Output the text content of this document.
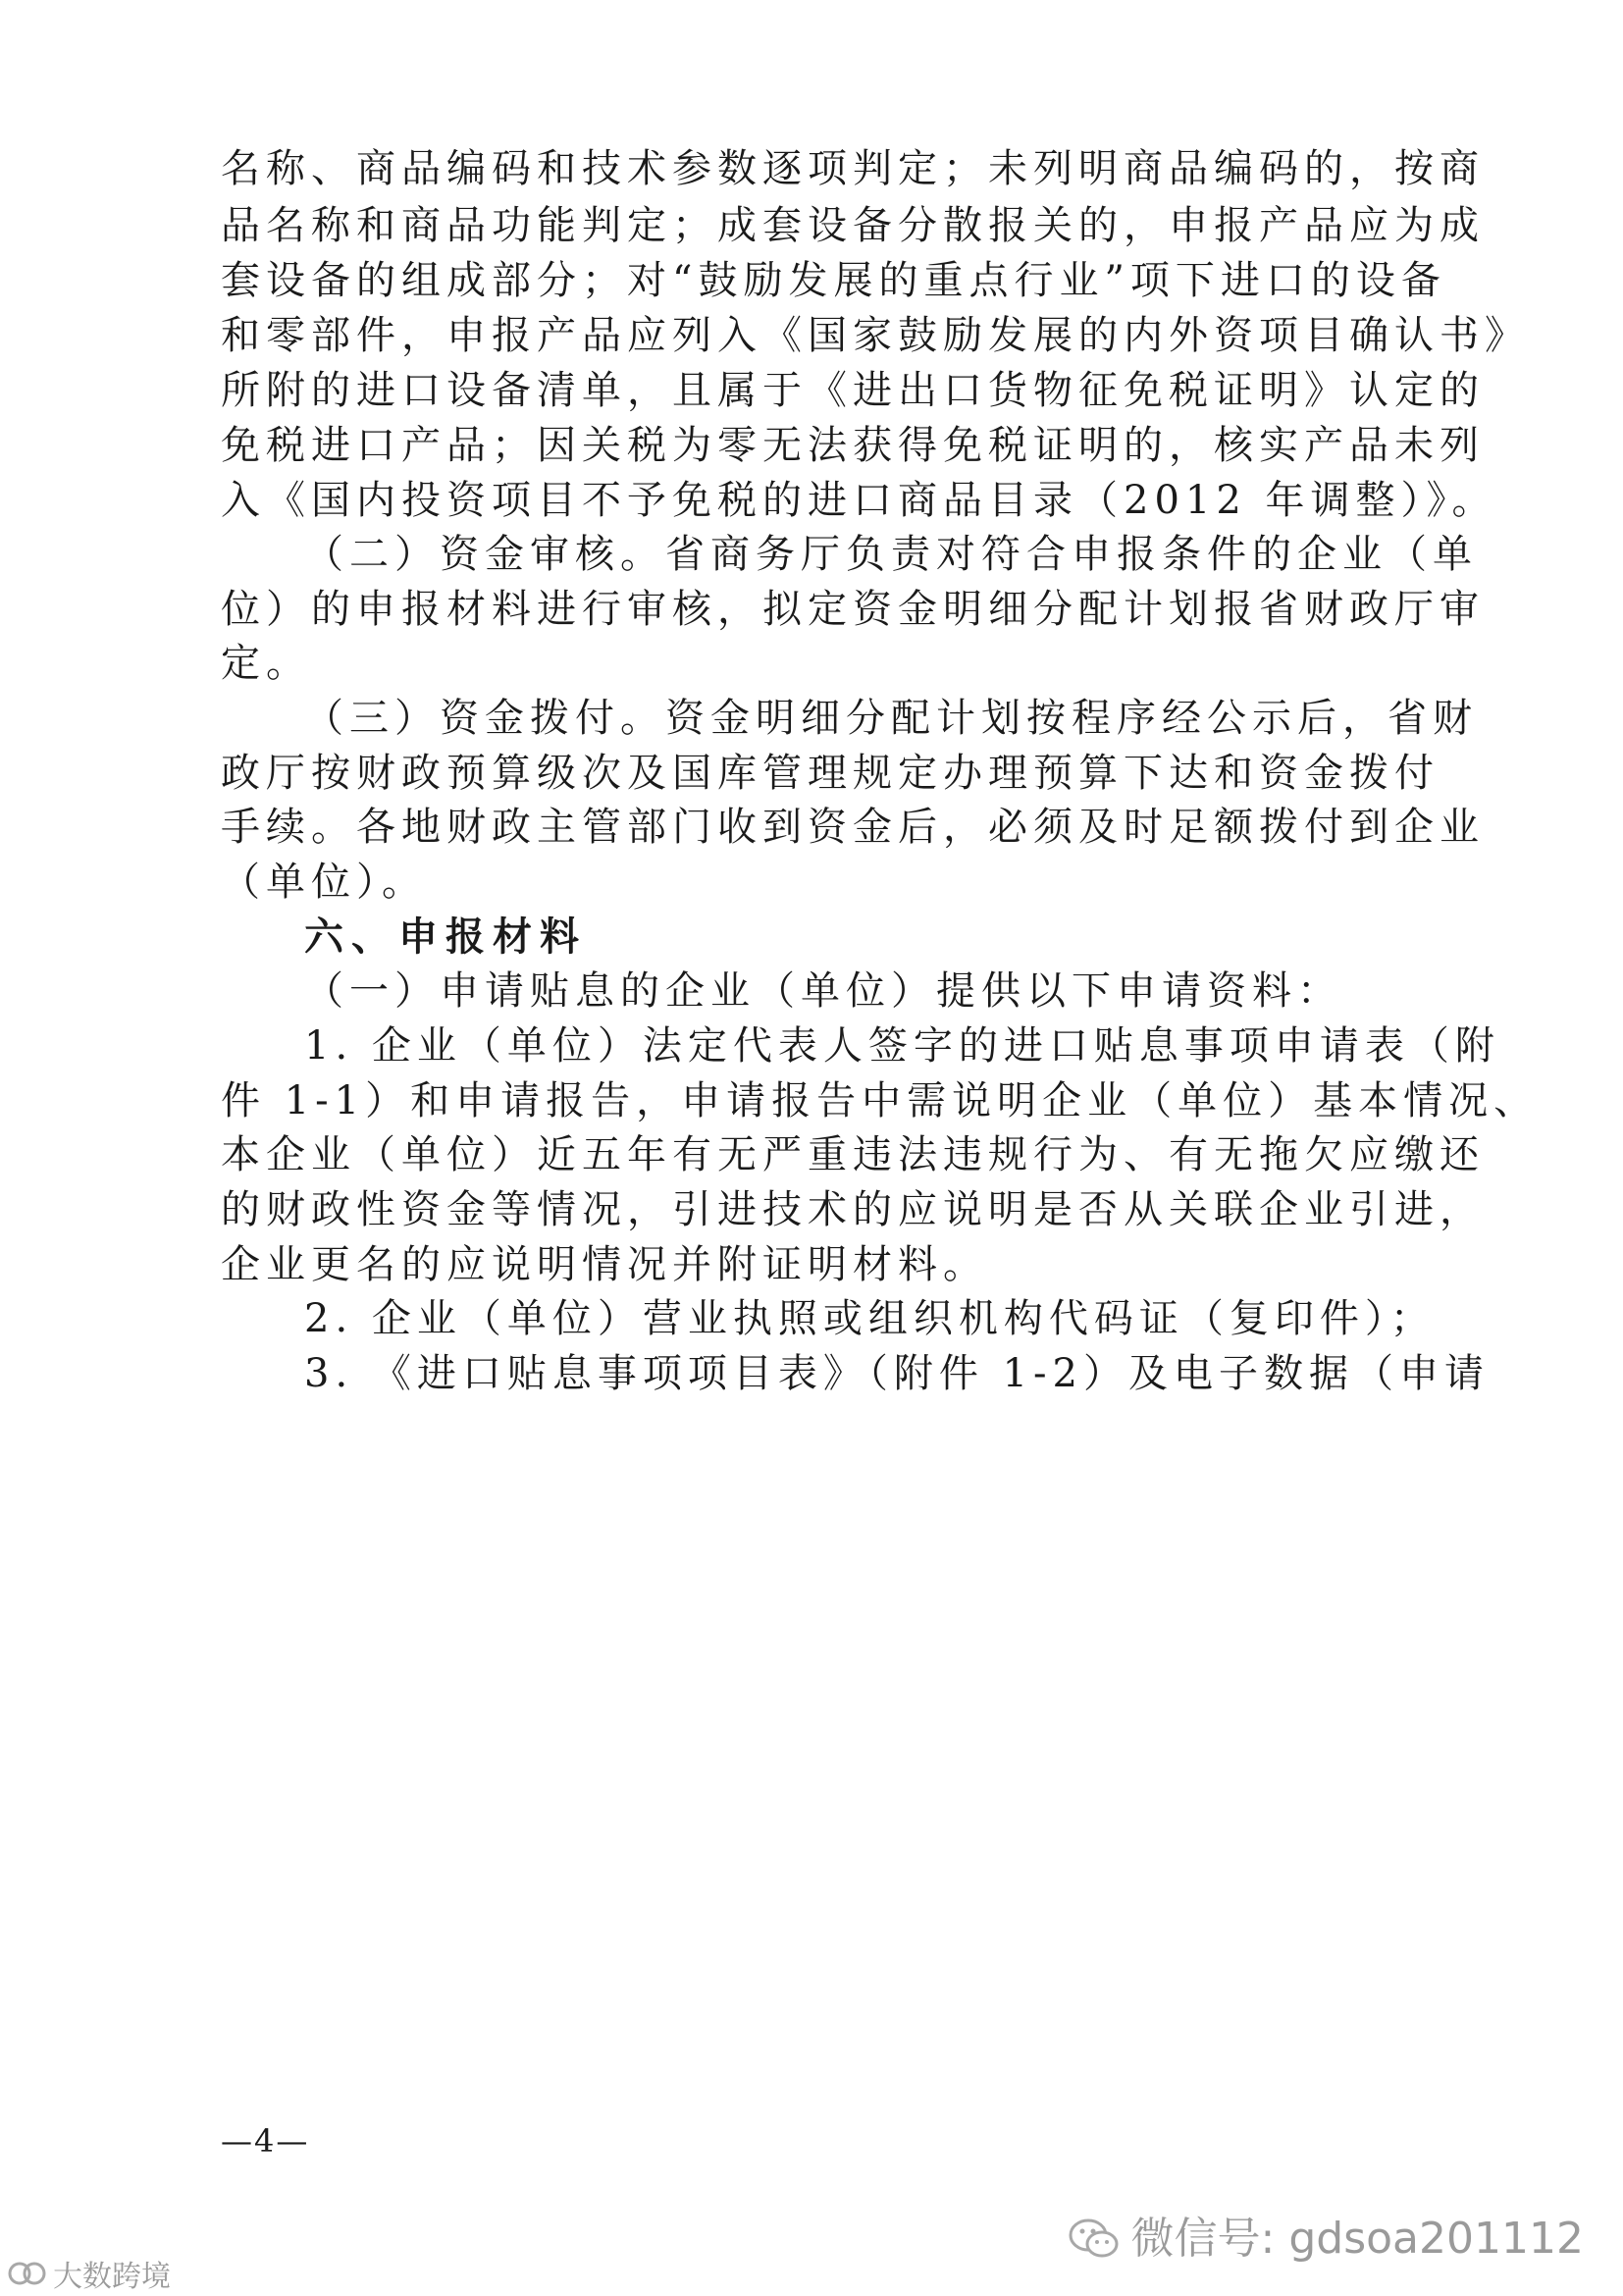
名称、商品编码和技术参数逐项判定；未列明商品编码的，按商
品名称和商品功能判定；成套设备分散报关的，申报产品应为成
套设备的组成部分；对“鼓励发展的重点行业”项下进口的设备
和零部件，申报产品应列入《国家鼓励发展的内外资项目确认书》
所附的进口设备清单，且属于《进出口货物征免税证明》认定的
免税进口产品；因关税为零无法获得免税证明的，核实产品未列
入《国内投资项目不予免税的进口商品目录（2012 年调整）》。
（二）资金审核。省商务厅负责对符合申报条件的企业（单
位）的申报材料进行审核，拟定资金明细分配计划报省财政厅审
定。
（三）资金拨付。资金明细分配计划按程序经公示后，省财
政厅按财政预算级次及国库管理规定办理预算下达和资金拨付
手续。各地财政主管部门收到资金后，必须及时足额拨付到企业
（单位）。
六、申报材料
（一）申请贴息的企业（单位）提供以下申请资料：
1. 企业（单位）法定代表人签字的进口贴息事项申请表（附
件 1-1）和申请报告，申请报告中需说明企业（单位）基本情况、
本企业（单位）近五年有无严重违法违规行为、有无拖欠应缴还
的财政性资金等情况，引进技术的应说明是否从关联企业引进，
企业更名的应说明情况并附证明材料。
2. 企业（单位）营业执照或组织机构代码证（复印件）；
3. 《进口贴息事项项目表》（附件 1-2）及电子数据（申请
—4—
微信号: gdsoa201112
大数跨境
